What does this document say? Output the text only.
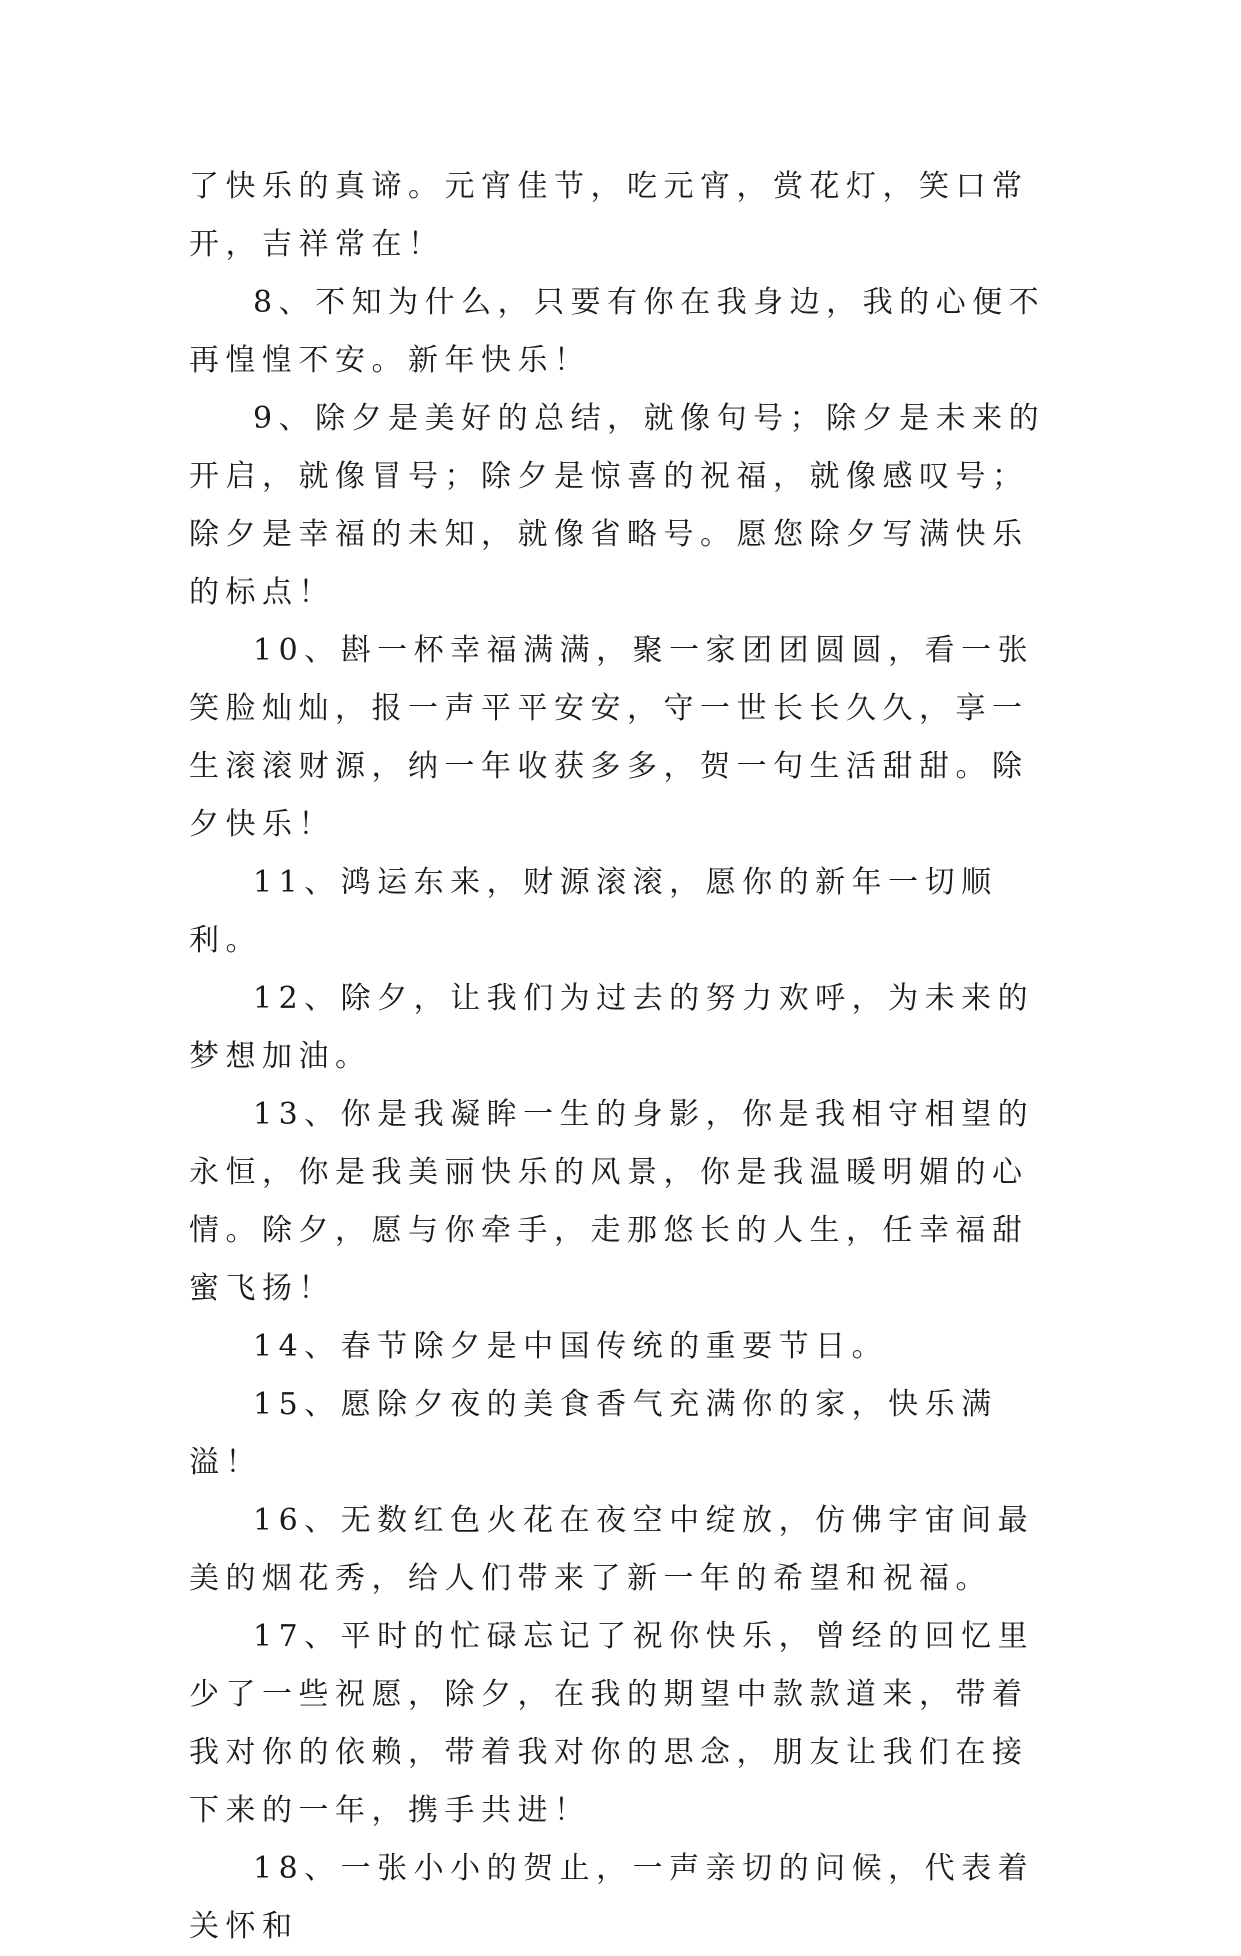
了快乐的真谛。元宵佳节，吃元宵，赏花灯，笑口常开，吉祥常在！

8、不知为什么，只要有你在我身边，我的心便不再惶惶不安。新年快乐！

9、除夕是美好的总结，就像句号；除夕是未来的开启，就像冒号；除夕是惊喜的祝福，就像感叹号；除夕是幸福的未知，就像省略号。愿您除夕写满快乐的标点！

10、斟一杯幸福满满，聚一家团团圆圆，看一张笑脸灿灿，报一声平平安安，守一世长长久久，享一生滚滚财源，纳一年收获多多，贺一句生活甜甜。除夕快乐！

11、鸿运东来，财源滚滚，愿你的新年一切顺利。

12、除夕，让我们为过去的努力欢呼，为未来的梦想加油。

13、你是我凝眸一生的身影，你是我相守相望的永恒，你是我美丽快乐的风景，你是我温暖明媚的心情。除夕，愿与你牵手，走那悠长的人生，任幸福甜蜜飞扬！

14、春节除夕是中国传统的重要节日。

15、愿除夕夜的美食香气充满你的家，快乐满溢！

16、无数红色火花在夜空中绽放，仿佛宇宙间最美的烟花秀，给人们带来了新一年的希望和祝福。

17、平时的忙碌忘记了祝你快乐，曾经的回忆里少了一些祝愿，除夕，在我的期望中款款道来，带着我对你的依赖，带着我对你的思念，朋友让我们在接下来的一年，携手共进！

18、一张小小的贺止，一声亲切的问候，代表着关怀和
